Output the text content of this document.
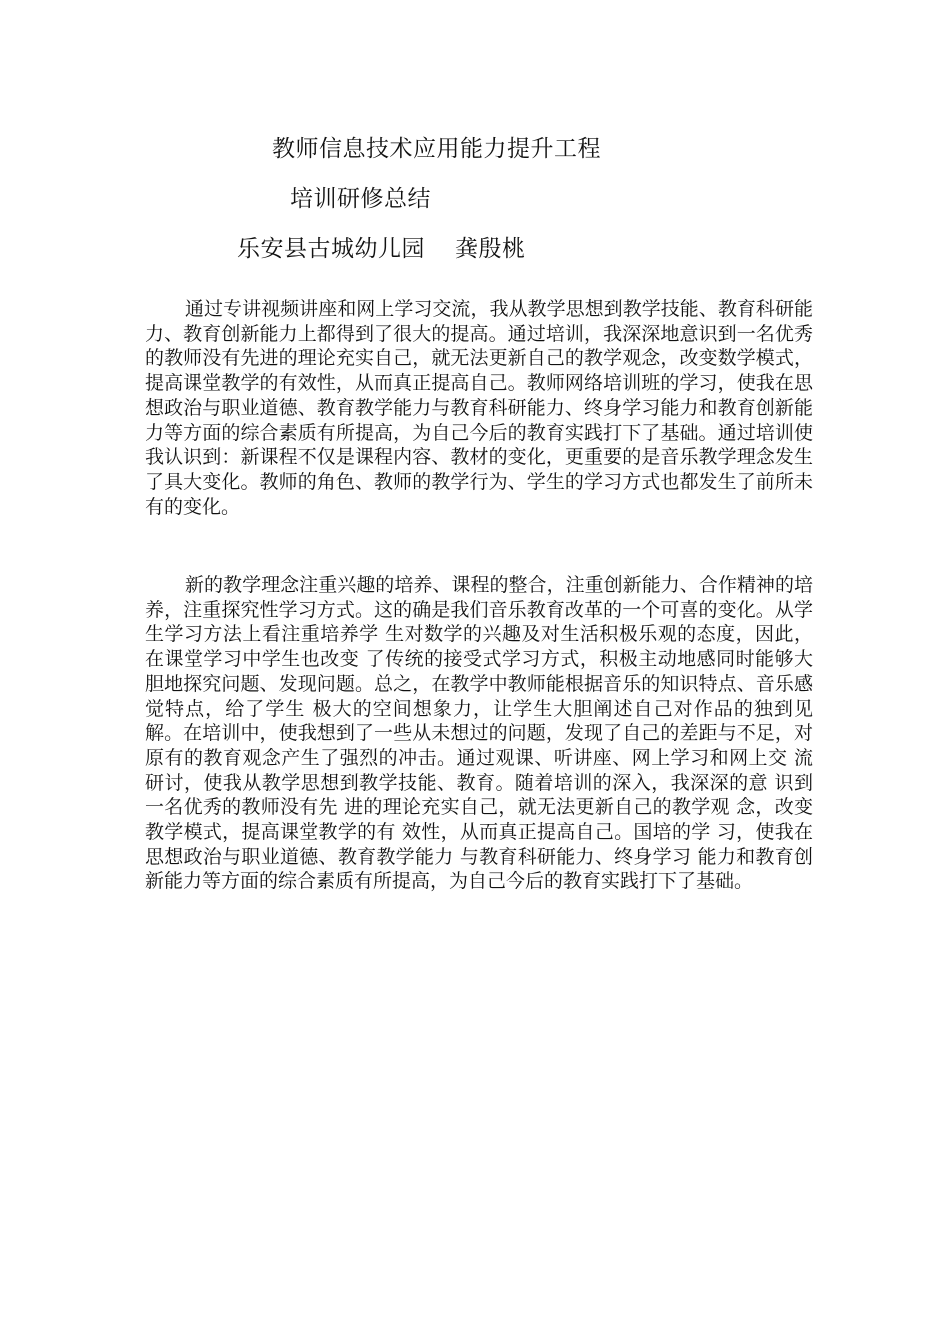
教师信息技术应用能力提升工程
培训研修总结
乐安县古城幼儿园 龚殷桃

通过专讲视频讲座和网上学习交流，我从教学思想到教学技能、教育科研能力、教育创新能力上都得到了很大的提高。通过培训，我深深地意识到一名优秀的教师没有先进的理论充实自己，就无法更新自己的教学观念，改变数学模式，提高课堂教学的有效性，从而真正提高自己。教师网络培训班的学习，使我在思想政治与职业道德、教育教学能力与教育科研能力、终身学习能力和教育创新能力等方面的综合素质有所提高，为自己今后的教育实践打下了基础。通过培训使我认识到：新课程不仅是课程内容、教材的变化，更重要的是音乐教学理念发生了具大变化。教师的角色、教师的教学行为、学生的学习方式也都发生了前所未有的变化。

新的教学理念注重兴趣的培养、课程的整合，注重创新能力、合作精神的培养，注重探究性学习方式。这的确是我们音乐教育改革的一个可喜的变化。从学生学习方法上看注重培养学 生对数学的兴趣及对生活积极乐观的态度，因此，在课堂学习中学生也改变 了传统的接受式学习方式，积极主动地感同时能够大胆地探究问题、发现问题。总之，在教学中教师能根据音乐的知识特点、音乐感觉特点，给了学生 极大的空间想象力，让学生大胆阐述自己对作品的独到见解。在培训中，使我想到了一些从未想过的问题，发现了自己的差距与不足，对 原有的教育观念产生了强烈的冲击。通过观课、听讲座、网上学习和网上交 流研讨，使我从教学思想到教学技能、教育。随着培训的深入，我深深的意 识到一名优秀的教师没有先 进的理论充实自己，就无法更新自己的教学观 念，改变教学模式，提高课堂教学的有 效性，从而真正提高自己。国培的学 习，使我在思想政治与职业道德、教育教学能力 与教育科研能力、终身学习 能力和教育创新能力等方面的综合素质有所提高，为自己今后的教育实践打下了基础。
